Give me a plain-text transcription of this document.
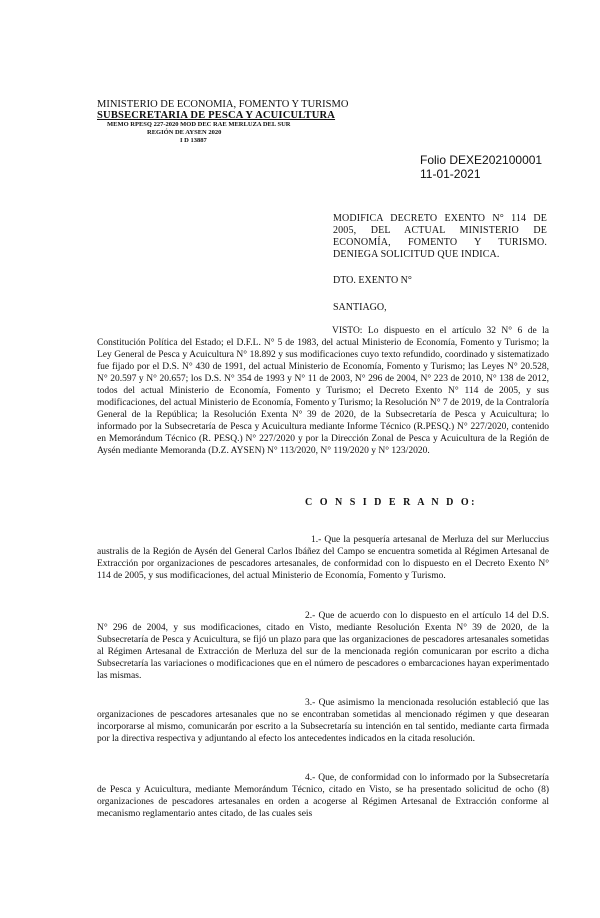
MINISTERIO DE ECONOMIA, FOMENTO Y TURISMO
SUBSECRETARIA DE PESCA Y ACUICULTURA
MEMO RPESQ 227-2020 MOD DEC RAE MERLUZA DEL SUR
REGIÓN DE AYSEN 2020
I D 13887
Folio DEXE202100001
11-01-2021
MODIFICA DECRETO EXENTO N° 114 DE 2005, DEL ACTUAL MINISTERIO DE ECONOMÍA, FOMENTO Y TURISMO. DENIEGA SOLICITUD QUE INDICA.
DTO. EXENTO N°
SANTIAGO,
VISTO: Lo dispuesto en el artículo 32 N° 6 de la Constitución Política del Estado; el D.F.L. N° 5 de 1983, del actual Ministerio de Economía, Fomento y Turismo; la Ley General de Pesca y Acuicultura N° 18.892 y sus modificaciones cuyo texto refundido, coordinado y sistematizado fue fijado por el D.S. N° 430 de 1991, del actual Ministerio de Economía, Fomento y Turismo; las Leyes N° 20.528, N° 20.597 y N° 20.657; los D.S. N° 354 de 1993 y N° 11 de 2003, N° 296 de 2004, N° 223 de 2010, N° 138 de 2012, todos del actual Ministerio de Economía, Fomento y Turismo; el Decreto Exento N° 114 de 2005, y sus modificaciones, del actual Ministerio de Economía, Fomento y Turismo; la Resolución N° 7 de 2019, de la Contraloría General de la República; la Resolución Exenta N° 39 de 2020, de la Subsecretaría de Pesca y Acuicultura; lo informado por la Subsecretaría de Pesca y Acuicultura mediante Informe Técnico (R.PESQ.) N° 227/2020, contenido en Memorándum Técnico (R. PESQ.) N° 227/2020 y por la Dirección Zonal de Pesca y Acuicultura de la Región de Aysén mediante Memoranda (D.Z. AYSEN) N° 113/2020, N° 119/2020 y N° 123/2020.
C O N S I D E R A N D O:
1.- Que la pesquería artesanal de Merluza del sur Merluccius australis de la Región de Aysén del General Carlos Ibáñez del Campo se encuentra sometida al Régimen Artesanal de Extracción por organizaciones de pescadores artesanales, de conformidad con lo dispuesto en el Decreto Exento N° 114 de 2005, y sus modificaciones, del actual Ministerio de Economía, Fomento y Turismo.
2.- Que de acuerdo con lo dispuesto en el artículo 14 del D.S. N° 296 de 2004, y sus modificaciones, citado en Visto, mediante Resolución Exenta N° 39 de 2020, de la Subsecretaría de Pesca y Acuicultura, se fijó un plazo para que las organizaciones de pescadores artesanales sometidas al Régimen Artesanal de Extracción de Merluza del sur de la mencionada región comunicaran por escrito a dicha Subsecretaría las variaciones o modificaciones que en el número de pescadores o embarcaciones hayan experimentado las mismas.
3.- Que asimismo la mencionada resolución estableció que las organizaciones de pescadores artesanales que no se encontraban sometidas al mencionado régimen y que desearan incorporarse al mismo, comunicarán por escrito a la Subsecretaría su intención en tal sentido, mediante carta firmada por la directiva respectiva y adjuntando al efecto los antecedentes indicados en la citada resolución.
4.- Que, de conformidad con lo informado por la Subsecretaría de Pesca y Acuicultura, mediante Memorándum Técnico, citado en Visto, se ha presentado solicitud de ocho (8) organizaciones de pescadores artesanales en orden a acogerse al Régimen Artesanal de Extracción conforme al mecanismo reglamentario antes citado, de las cuales seis
